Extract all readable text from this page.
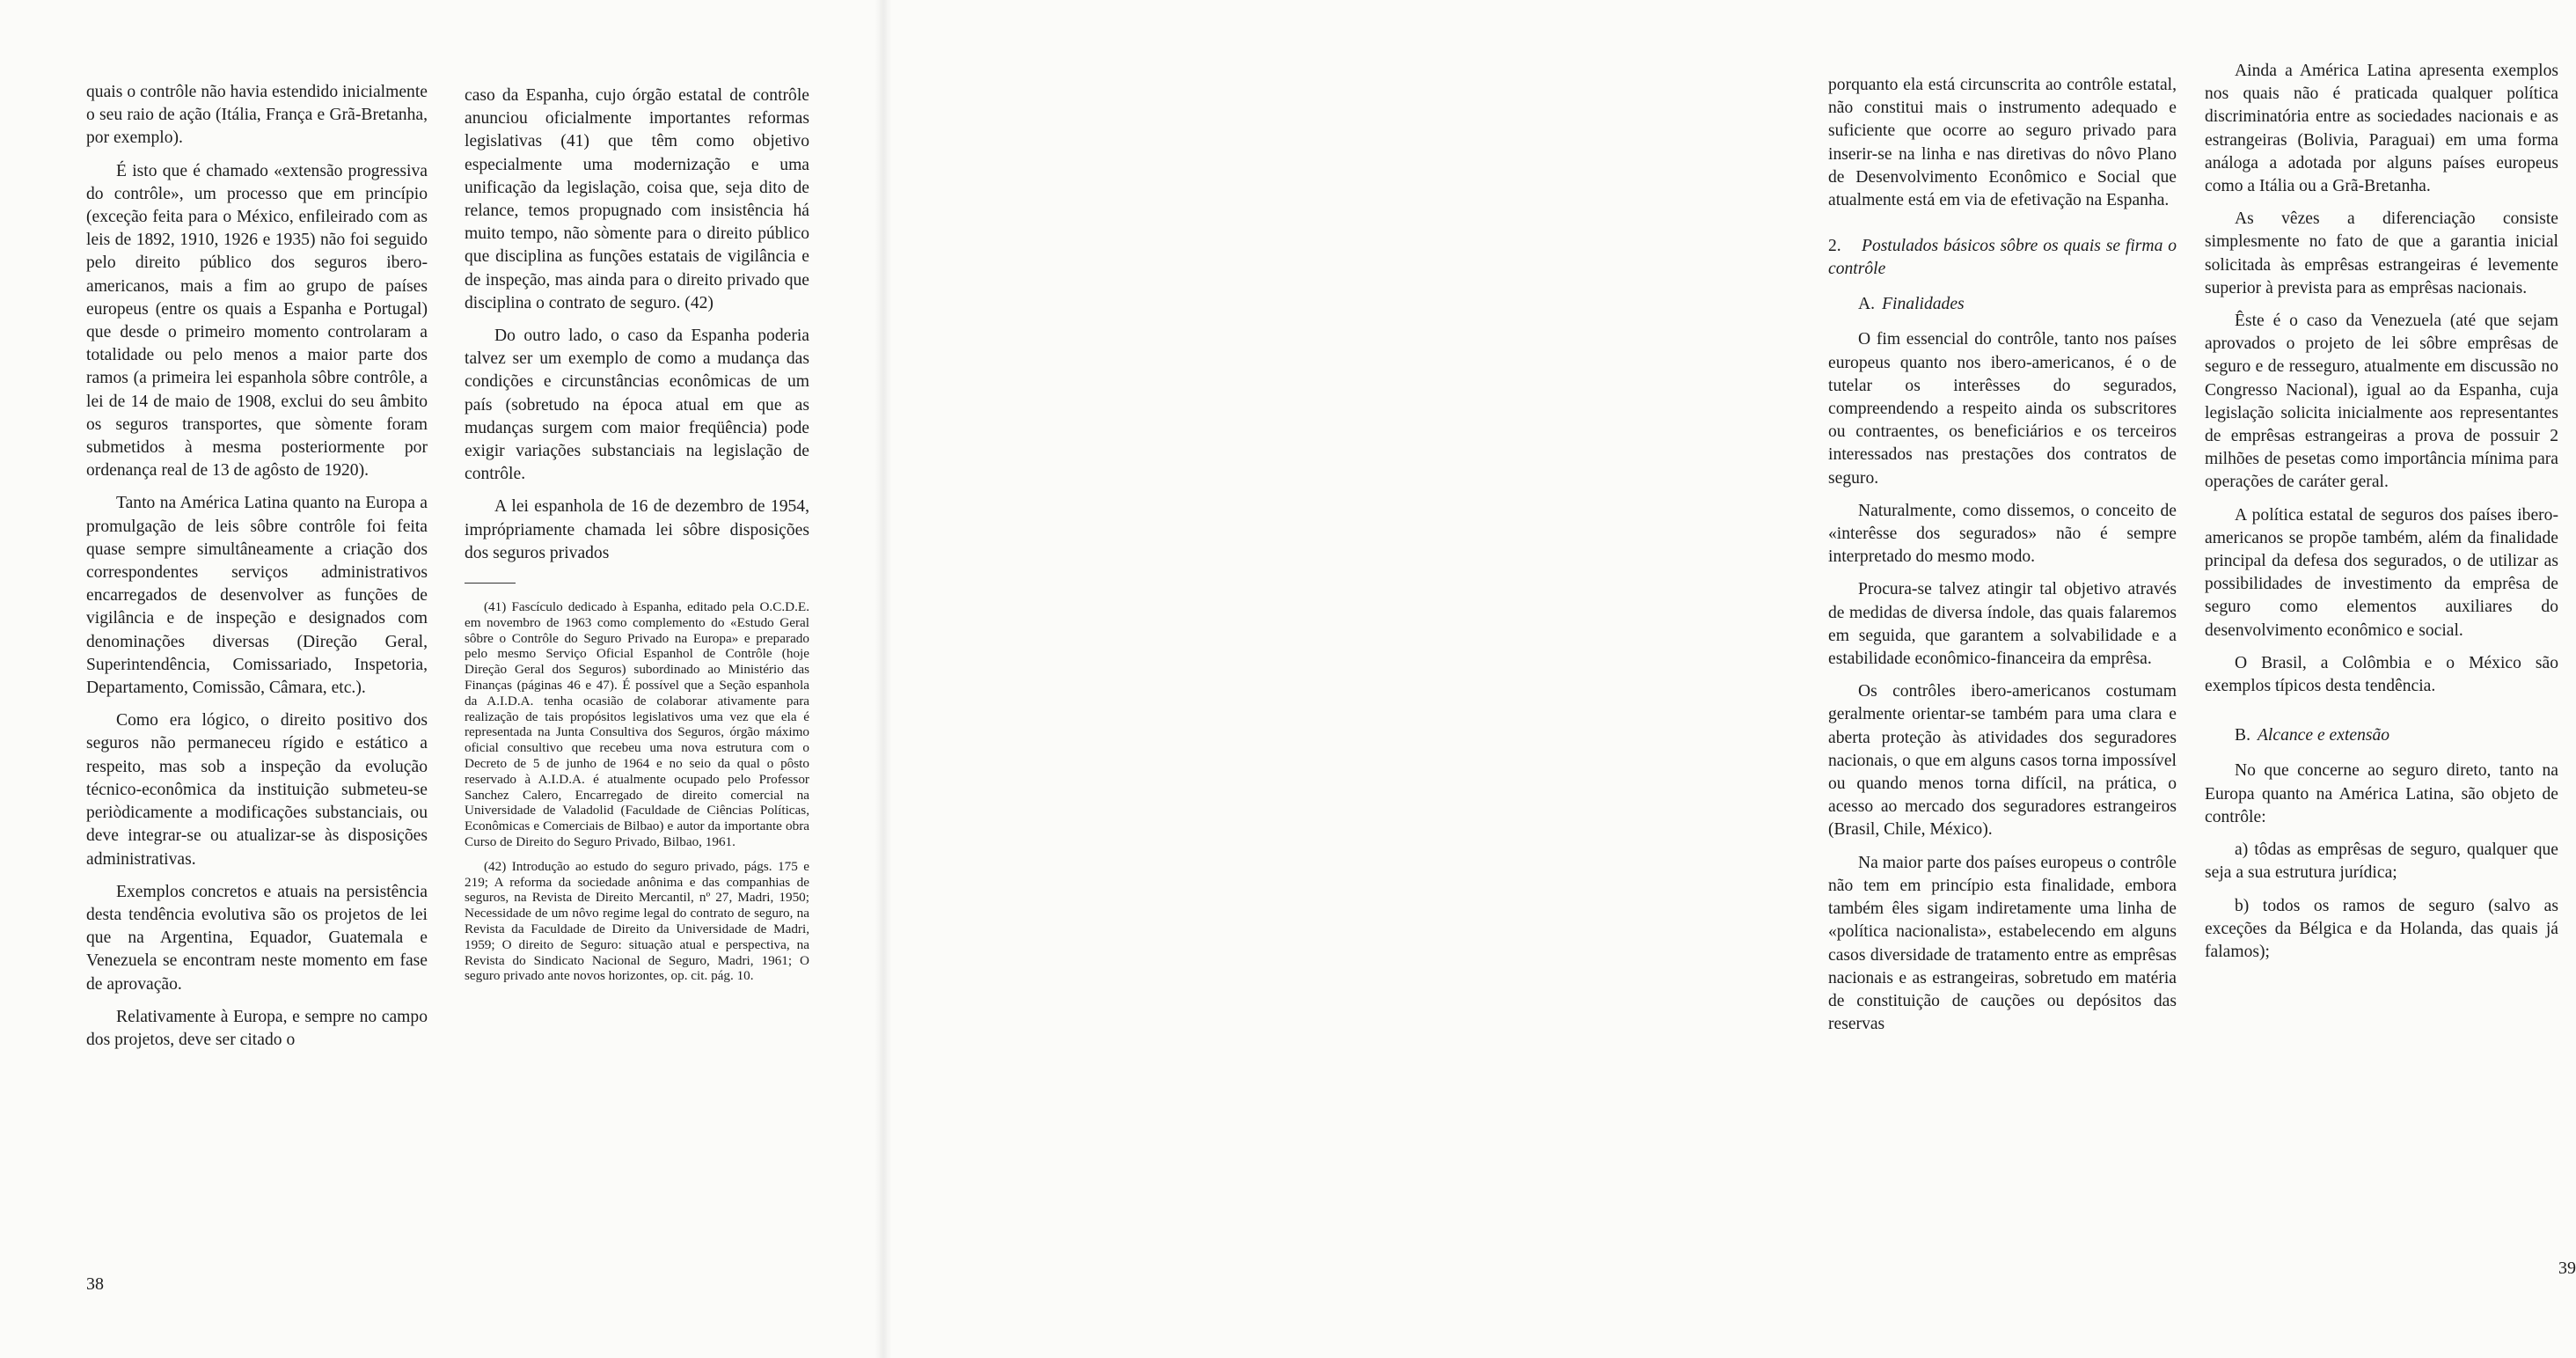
quais o contrôle não havia estendido inicialmente o seu raio de ação (Itália, França e Grã-Bretanha, por exemplo).

É isto que é chamado «extensão progressiva do contrôle», um processo que em princípio (exceção feita para o México, enfileirado com as leis de 1892, 1910, 1926 e 1935) não foi seguido pelo direito público dos seguros ibero-americanos, mais a fim ao grupo de países europeus (entre os quais a Espanha e Portugal) que desde o primeiro momento controlaram a totalidade ou pelo menos a maior parte dos ramos (a primeira lei espanhola sôbre contrôle, a lei de 14 de maio de 1908, exclui do seu âmbito os seguros transportes, que sòmente foram submetidos à mesma posteriormente por ordenança real de 13 de agôsto de 1920).

Tanto na América Latina quanto na Europa a promulgação de leis sôbre contrôle foi feita quase sempre simultâneamente a criação dos correspondentes serviços administrativos encarregados de desenvolver as funções de vigilância e de inspeção e designados com denominações diversas (Direção Geral, Superintendência, Comissariado, Inspetoria, Departamento, Comissão, Câmara, etc.).

Como era lógico, o direito positivo dos seguros não permaneceu rígido e estático a respeito, mas sob a inspeção da evolução técnico-econômica da instituição submeteu-se periòdicamente a modificações substanciais, ou deve integrar-se ou atualizar-se às disposições administrativas.

Exemplos concretos e atuais na persistência desta tendência evolutiva são os projetos de lei que na Argentina, Equador, Guatemala e Venezuela se encontram neste momento em fase de aprovação.

Relativamente à Europa, e sempre no campo dos projetos, deve ser citado o

caso da Espanha, cujo órgão estatal de contrôle anunciou oficialmente importantes reformas legislativas (41) que têm como objetivo especialmente uma modernização e uma unificação da legislação, coisa que, seja dito de relance, temos propugnado com insistência há muito tempo, não sòmente para o direito público que disciplina as funções estatais de vigilância e de inspeção, mas ainda para o direito privado que disciplina o contrato de seguro. (42)

Do outro lado, o caso da Espanha poderia talvez ser um exemplo de como a mudança das condições e circunstâncias econômicas de um país (sobretudo na época atual em que as mudanças surgem com maior freqüência) pode exigir variações substanciais na legislação de contrôle.

A lei espanhola de 16 de dezembro de 1954, imprópriamente chamada lei sôbre disposições dos seguros privados

(41) Fascículo dedicado à Espanha, editado pela O.C.D.E. em novembro de 1963 como complemento do «Estudo Geral sôbre o Contrôle do Seguro Privado na Europa» e preparado pelo mesmo Serviço Oficial Espanhol de Contrôle (hoje Direção Geral dos Seguros) subordinado ao Ministério das Finanças (páginas 46 e 47). É possível que a Seção espanhola da A.I.D.A. tenha ocasião de colaborar ativamente para realização de tais propósitos legislativos uma vez que ela é representada na Junta Consultiva dos Seguros, órgão máximo oficial consultivo que recebeu uma nova estrutura com o Decreto de 5 de junho de 1964 e no seio da qual o pôsto reservado à A.I.D.A. é atualmente ocupado pelo Professor Sanchez Calero, Encarregado de direito comercial na Universidade de Valadolid (Faculdade de Ciências Políticas, Econômicas e Comerciais de Bilbao) e autor da importante obra Curso de Direito do Seguro Privado, Bilbao, 1961.

(42) Introdução ao estudo do seguro privado, págs. 175 e 219; A reforma da sociedade anônima e das companhias de seguros, na Revista de Direito Mercantil, nº 27, Madri, 1950; Necessidade de um nôvo regime legal do contrato de seguro, na Revista da Faculdade de Direito da Universidade de Madri, 1959; O direito de Seguro: situação atual e perspectiva, na Revista do Sindicato Nacional de Seguro, Madri, 1961; O seguro privado ante novos horizontes, op. cit. pág. 10.

38

porquanto ela está circunscrita ao contrôle estatal, não constitui mais o instrumento adequado e suficiente que ocorre ao seguro privado para inserir-se na linha e nas diretivas do nôvo Plano de Desenvolvimento Econômico e Social que atualmente está em via de efetivação na Espanha.

2. Postulados básicos sôbre os quais se firma o contrôle
A. Finalidades

O fim essencial do contrôle, tanto nos países europeus quanto nos ibero-americanos, é o de tutelar os interêsses do segurados, compreendendo a respeito ainda os subscritores ou contraentes, os beneficiários e os terceiros interessados nas prestações dos contratos de seguro.

Naturalmente, como dissemos, o conceito de «interêsse dos segurados» não é sempre interpretado do mesmo modo.

Procura-se talvez atingir tal objetivo através de medidas de diversa índole, das quais falaremos em seguida, que garantem a solvabilidade e a estabilidade econômico-financeira da emprêsa.

Os contrôles ibero-americanos costumam geralmente orientar-se também para uma clara e aberta proteção às atividades dos seguradores nacionais, o que em alguns casos torna impossível ou quando menos torna difícil, na prática, o acesso ao mercado dos seguradores estrangeiros (Brasil, Chile, México).

Na maior parte dos países europeus o contrôle não tem em princípio esta finalidade, embora também êles sigam indiretamente uma linha de «política nacionalista», estabelecendo em alguns casos diversidade de tratamento entre as emprêsas nacionais e as estrangeiras, sobretudo em matéria de constituição de cauções ou depósitos das reservas

Ainda a América Latina apresenta exemplos nos quais não é praticada qualquer política discriminatória entre as sociedades nacionais e as estrangeiras (Bolivia, Paraguai) em uma forma análoga a adotada por alguns países europeus como a Itália ou a Grã-Bretanha.

As vêzes a diferenciação consiste simplesmente no fato de que a garantia inicial solicitada às emprêsas estrangeiras é levemente superior à prevista para as emprêsas nacionais.

Êste é o caso da Venezuela (até que sejam aprovados o projeto de lei sôbre emprêsas de seguro e de resseguro, atualmente em discussão no Congresso Nacional), igual ao da Espanha, cuja legislação solicita inicialmente aos representantes de emprêsas estrangeiras a prova de possuir 2 milhões de pesetas como importância mínima para operações de caráter geral.

A política estatal de seguros dos países ibero-americanos se propõe também, além da finalidade principal da defesa dos segurados, o de utilizar as possibilidades de investimento da emprêsa de seguro como elementos auxiliares do desenvolvimento econômico e social.

O Brasil, a Colômbia e o México são exemplos típicos desta tendência.

B. Alcance e extensão

No que concerne ao seguro direto, tanto na Europa quanto na América Latina, são objeto de contrôle:

a) tôdas as emprêsas de seguro, qualquer que seja a sua estrutura jurídica;

b) todos os ramos de seguro (salvo as exceções da Bélgica e da Holanda, das quais já falamos);

39
